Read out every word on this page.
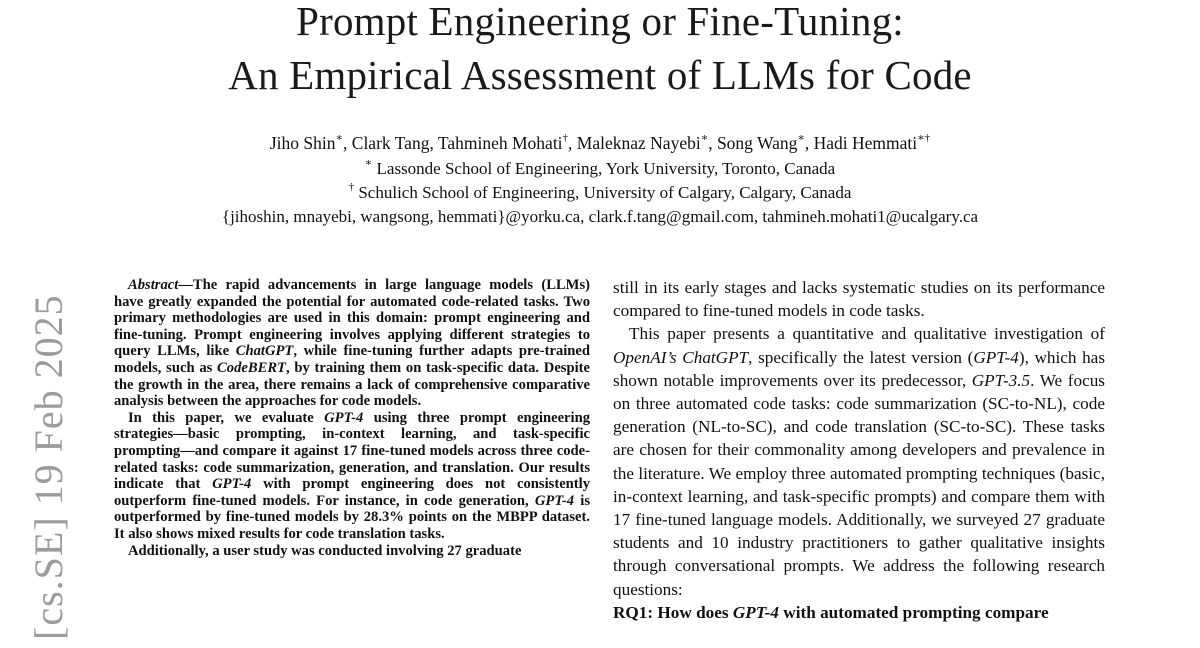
Prompt Engineering or Fine-Tuning:
An Empirical Assessment of LLMs for Code
Jiho Shin∗, Clark Tang, Tahmineh Mohati†, Maleknaz Nayebi∗, Song Wang∗, Hadi Hemmati∗†
∗ Lassonde School of Engineering, York University, Toronto, Canada
† Schulich School of Engineering, University of Calgary, Calgary, Canada
{jihoshin, mnayebi, wangsong, hemmati}@yorku.ca, clark.f.tang@gmail.com, tahmineh.mohati1@ucalgary.ca
[cs.SE] 19 Feb 2025

Abstract—The rapid advancements in large language models (LLMs) have greatly expanded the potential for automated code-related tasks. Two primary methodologies are used in this domain: prompt engineering and fine-tuning. Prompt engineering involves applying different strategies to query LLMs, like ChatGPT, while fine-tuning further adapts pre-trained models, such as CodeBERT, by training them on task-specific data. Despite the growth in the area, there remains a lack of comprehensive comparative analysis between the approaches for code models.

In this paper, we evaluate GPT-4 using three prompt engineering strategies—basic prompting, in-context learning, and task-specific prompting—and compare it against 17 fine-tuned models across three code-related tasks: code summarization, generation, and translation. Our results indicate that GPT-4 with prompt engineering does not consistently outperform fine-tuned models. For instance, in code generation, GPT-4 is outperformed by fine-tuned models by 28.3% points on the MBPP dataset. It also shows mixed results for code translation tasks.

Additionally, a user study was conducted involving 27 graduate

still in its early stages and lacks systematic studies on its performance compared to fine-tuned models in code tasks.

This paper presents a quantitative and qualitative investigation of OpenAI’s ChatGPT, specifically the latest version (GPT-4), which has shown notable improvements over its predecessor, GPT-3.5. We focus on three automated code tasks: code summarization (SC-to-NL), code generation (NL-to-SC), and code translation (SC-to-SC). These tasks are chosen for their commonality among developers and prevalence in the literature. We employ three automated prompting techniques (basic, in-context learning, and task-specific prompts) and compare them with 17 fine-tuned language models. Additionally, we surveyed 27 graduate students and 10 industry practitioners to gather qualitative insights through conversational prompts. We address the following research questions:

RQ1: How does GPT-4 with automated prompting compare
